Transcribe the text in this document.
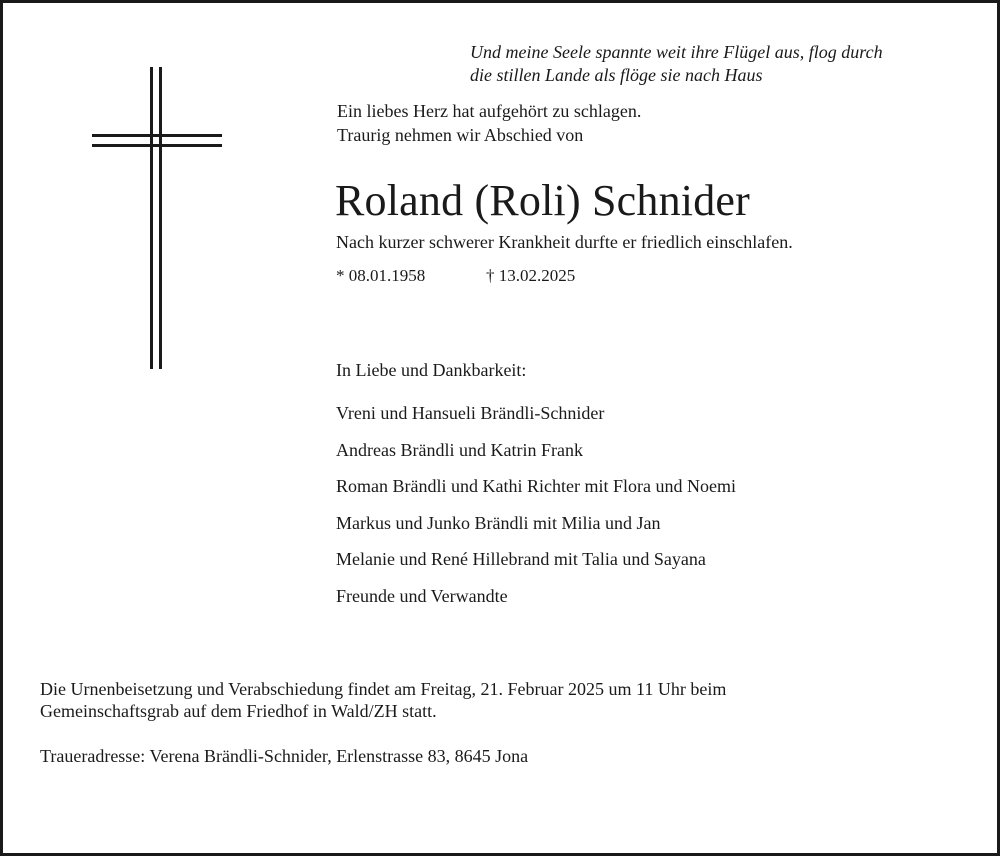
Und meine Seele spannte weit ihre Flügel aus, flog durch
die stillen Lande als flöge sie nach Haus
Ein liebes Herz hat aufgehört zu schlagen.
Traurig nehmen wir Abschied von
Roland (Roli) Schnider
Nach kurzer schwerer Krankheit durfte er friedlich einschlafen.
* 08.01.1958	† 13.02.2025
In Liebe und Dankbarkeit:
Vreni und Hansueli Brändli-Schnider
Andreas Brändli und Katrin Frank
Roman Brändli und Kathi Richter mit Flora und Noemi
Markus und Junko Brändli mit Milia und Jan
Melanie und René Hillebrand mit Talia und Sayana
Freunde und Verwandte
Die Urnenbeisetzung und Verabschiedung findet am Freitag, 21. Februar 2025 um 11 Uhr beim
Gemeinschaftsgrab auf dem Friedhof in Wald/ZH statt.
Traueradresse: Verena Brändli-Schnider, Erlenstrasse 83, 8645 Jona
